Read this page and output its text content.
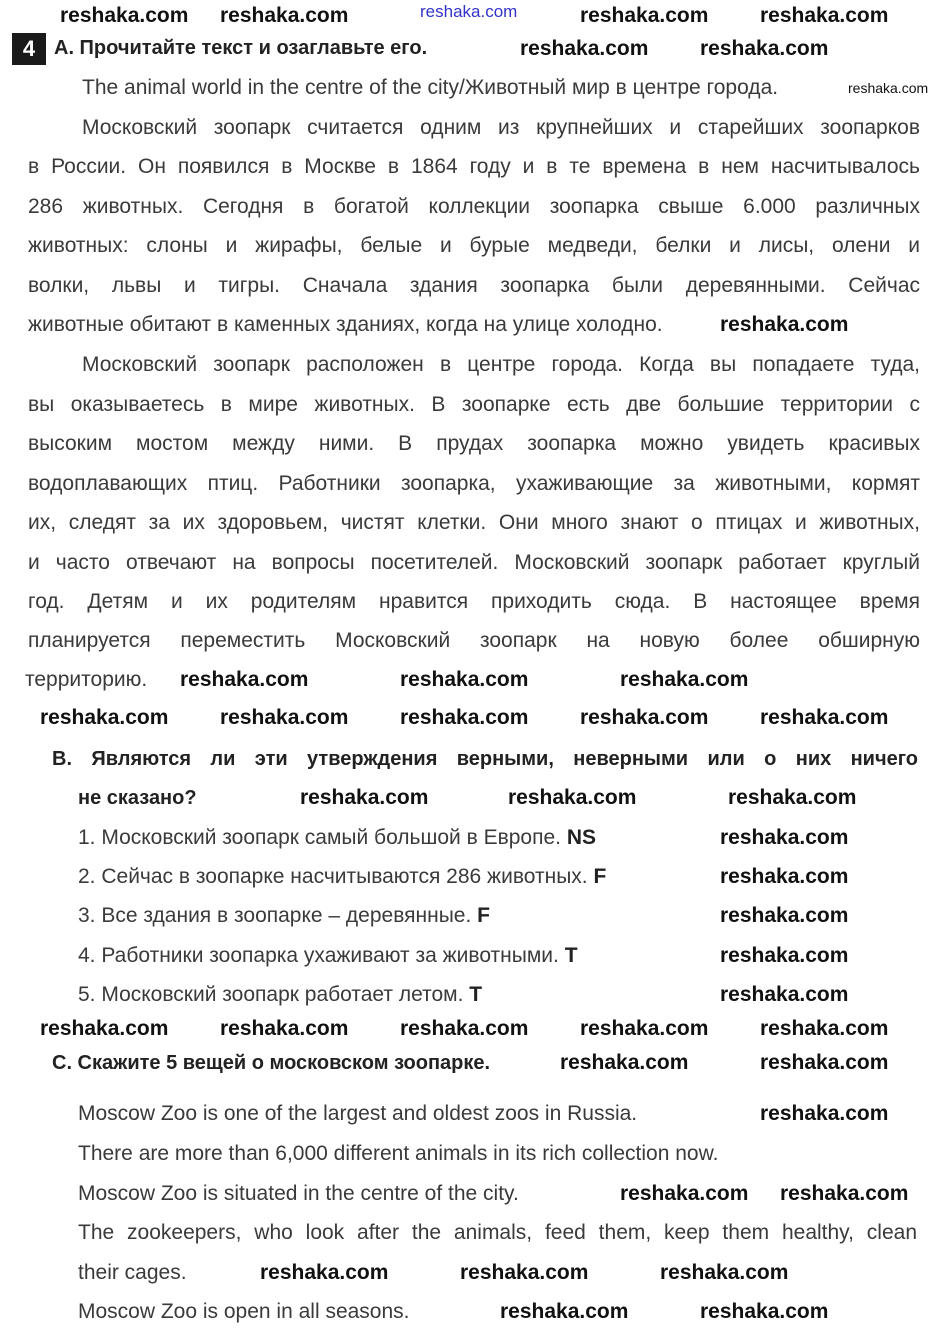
reshaka.com
4 A. Прочитайте текст и озаглавьте его.
The animal world in the centre of the city/Животный мир в центре города.
Московский зоопарк считается одним из крупнейших и старейших зоопарков
в России. Он появился в Москве в 1864 году и в те времена в нем насчитывалось
286 животных. Сегодня в богатой коллекции зоопарка свыше 6.000 различных
животных: слоны и жирафы, белые и бурые медведи, белки и лисы, олени и
волки, львы и тигры. Сначала здания зоопарка были деревянными. Сейчас
животные обитают в каменных зданиях, когда на улице холодно.
Московский зоопарк расположен в центре города. Когда вы попадаете туда,
вы оказываетесь в мире животных. В зоопарке есть две большие территории с
высоким мостом между ними. В прудах зоопарка можно увидеть красивых
водоплавающих птиц. Работники зоопарка, ухаживающие за животными, кормят
их, следят за их здоровьем, чистят клетки. Они много знают о птицах и животных,
и часто отвечают на вопросы посетителей. Московский зоопарк работает круглый
год. Детям и их родителям нравится приходить сюда. В настоящее время
планируется переместить Московский зоопарк на новую более обширную
территорию.
B. Являются ли эти утверждения верными, неверными или о них ничего
не сказано?
1. Московский зоопарк самый большой в Европе. NS
2. Сейчас в зоопарке насчитываются 286 животных. F
3. Все здания в зоопарке – деревянные. F
4. Работники зоопарка ухаживают за животными. T
5. Московский зоопарк работает летом. T
C. Скажите 5 вещей о московском зоопарке.
Moscow Zoo is one of the largest and oldest zoos in Russia.
There are more than 6,000 different animals in its rich collection now.
Moscow Zoo is situated in the centre of the city.
The zookeepers, who look after the animals, feed them, keep them healthy, clean
their cages.
Moscow Zoo is open in all seasons.
reshaka.com reshaka.com	reshaka.com reshaka.com
reshaka.com reshaka.com
reshaka.com
reshaka.com
reshaka.com	reshaka.com	reshaka.com
reshaka.com reshaka.com reshaka.com reshaka.com reshaka.com
reshaka.com	reshaka.com	reshaka.com
reshaka.com
reshaka.com
reshaka.com
reshaka.com
reshaka.com
reshaka.com reshaka.com reshaka.com reshaka.com reshaka.com
reshaka.com	reshaka.com
reshaka.com
reshaka.com reshaka.com
reshaka.com	reshaka.com	reshaka.com
reshaka.com	reshaka.com
